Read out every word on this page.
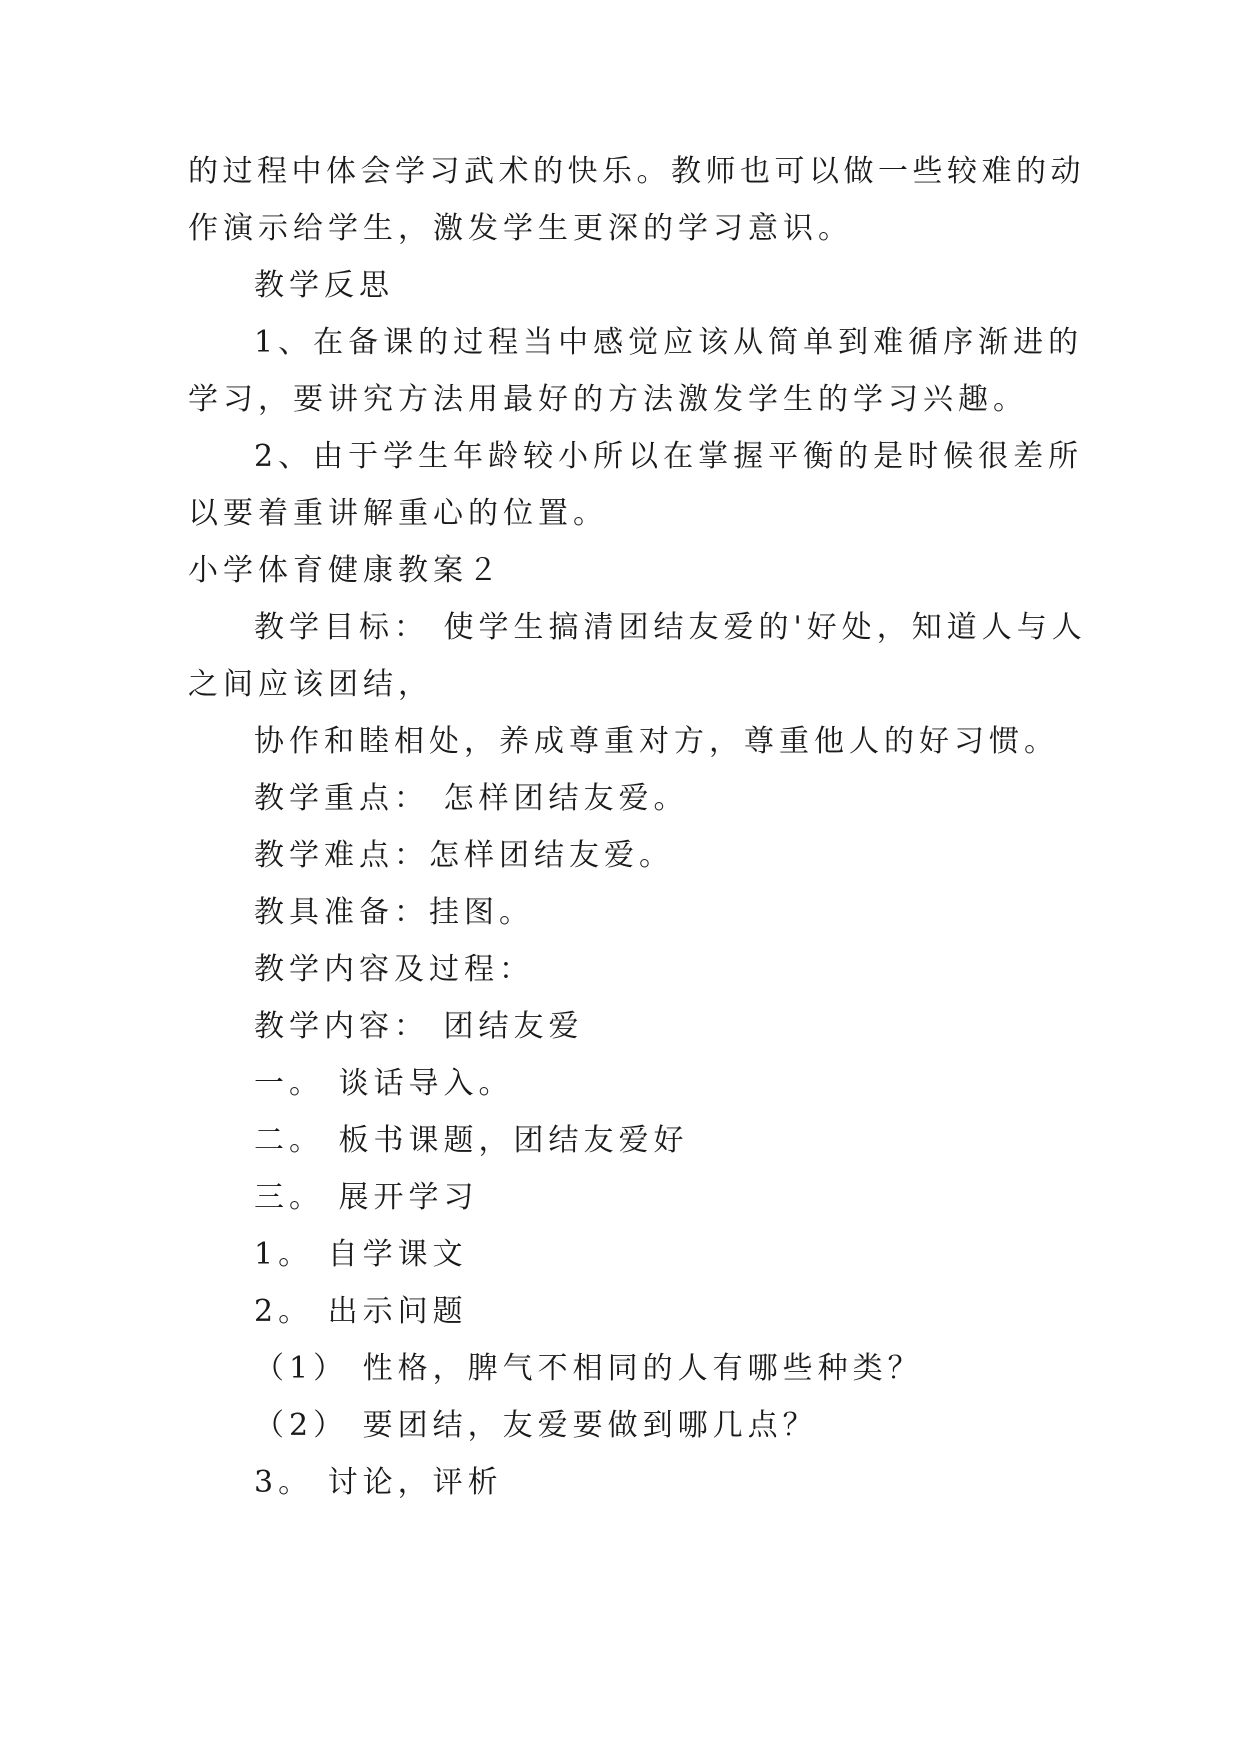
的过程中体会学习武术的快乐。教师也可以做一些较难的动
作演示给学生，激发学生更深的学习意识。
教学反思
1、在备课的过程当中感觉应该从简单到难循序渐进的
学习，要讲究方法用最好的方法激发学生的学习兴趣。
2、由于学生年龄较小所以在掌握平衡的是时候很差所
以要着重讲解重心的位置。
小学体育健康教案２
教学目标： 使学生搞清团结友爱的'好处，知道人与人
之间应该团结，
协作和睦相处，养成尊重对方，尊重他人的好习惯。
教学重点： 怎样团结友爱。
教学难点：怎样团结友爱。
教具准备：挂图。
教学内容及过程：
教学内容： 团结友爱
一。 谈话导入。
二。 板书课题，团结友爱好
三。 展开学习
1。 自学课文
2。 出示问题
（1） 性格，脾气不相同的人有哪些种类？
（2） 要团结，友爱要做到哪几点？
3。 讨论，评析
